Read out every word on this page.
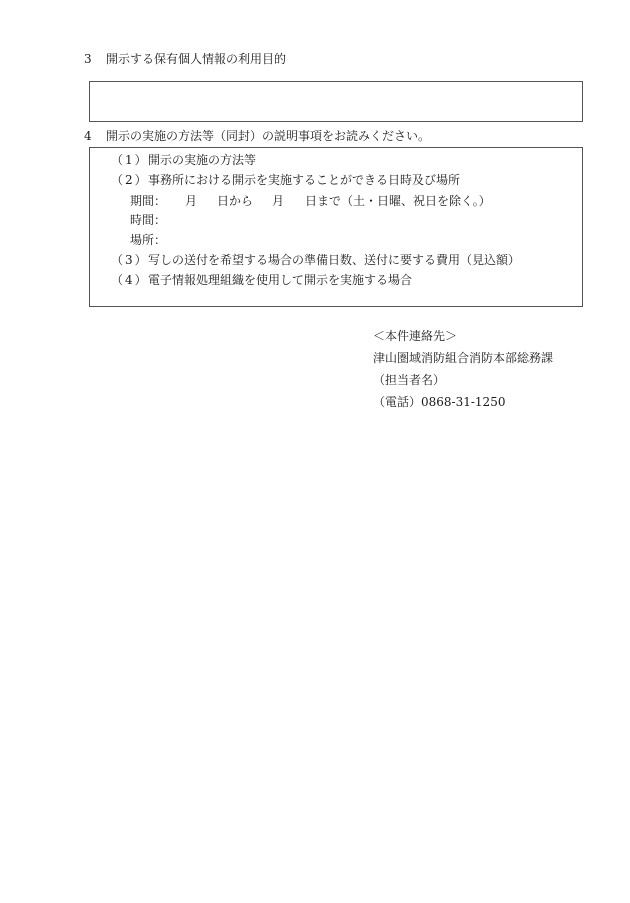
3 開示する保有個人情報の利用目的
4 開示の実施の方法等（同封）の説明事項をお読みください。
（1） 開示の実施の方法等
（2） 事務所における開示を実施することができる日時及び場所
期間： 月 日から 月 日まで（土・日曜、祝日を除く。）
時間：
場所：
（3） 写しの送付を希望する場合の準備日数、送付に要する費用（見込額）
（4） 電子情報処理組織を使用して開示を実施する場合
＜本件連絡先＞
津山圏域消防組合消防本部総務課
（担当者名）
（電話）0868-31-1250
